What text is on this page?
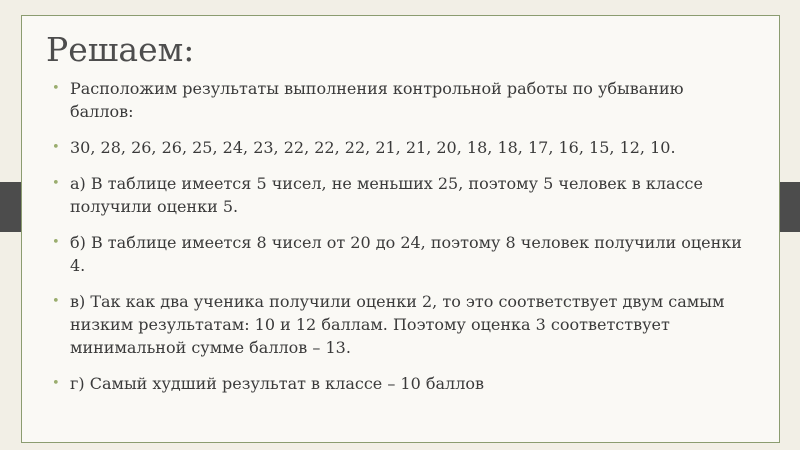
Решаем:
• Расположим результаты выполнения контрольной работы по убыванию баллов:
• 30, 28, 26, 26, 25, 24, 23, 22, 22, 22, 21, 21, 20, 18, 18, 17, 16, 15, 12, 10.
• а) В таблице имеется 5 чисел, не меньших 25, поэтому 5 человек в классе получили оценки 5.
• б) В таблице имеется 8 чисел от 20 до 24, поэтому 8 человек получили оценки 4.
• в) Так как два ученика получили оценки 2, то это соответствует двум самым низким результатам: 10 и 12 баллам. Поэтому оценка 3 соответствует минимальной сумме баллов – 13.
• г) Самый худший результат в классе – 10 баллов
